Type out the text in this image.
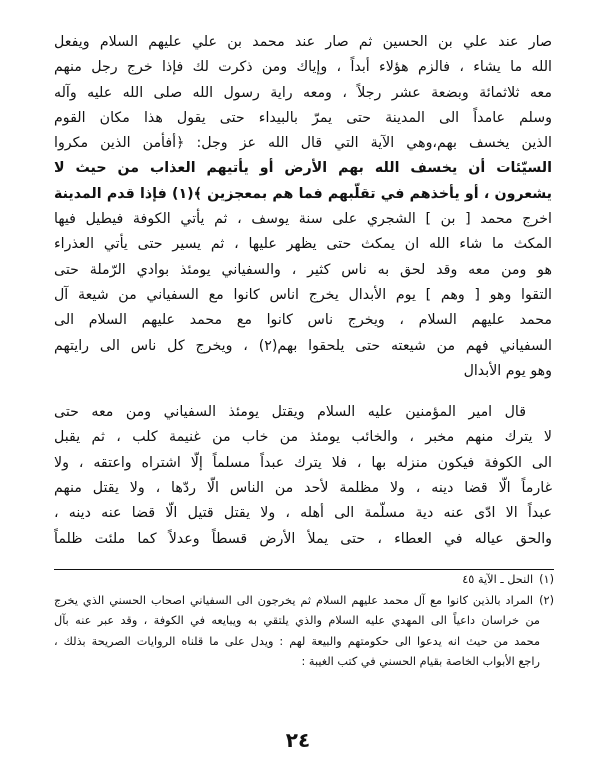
صار عند علي بن الحسين ثم صار عند محمد بن علي عليهم السلام ويفعل
الله ما يشاء ، فالزم هؤلاء أبداً ، وإياك ومن ذكرت لك فإذا خرج رجل منهم
معه ثلاثمائة وبضعة عشر رجلاً ، ومعه راية رسول الله صلى الله عليه وآله
وسلم عامداً الى المدينة حتى يمرّ بالبيداء حتى يقول هذا مكان القوم
الذين يخسف بهم،وهي الآية التي قال الله عز وجل: ﴿أفأمن الذين مكروا
السيّئات أن يخسف الله بهم الأرض أو يأتيهم العذاب من حيث لا
يشعرون ، أو يأخذهم في تقلّبهم فما هم بمعجزين ﴾(١) فإذا قدم المدينة
اخرج محمد [ بن ] الشجري على سنة يوسف ، ثم يأتي الكوفة فيطيل فيها
المكث ما شاء الله ان يمكث حتى يظهر عليها ، ثم يسير حتى يأتي العذراء
هو ومن معه وقد لحق به ناس كثير ، والسفياني يومئذ بوادي الرّملة حتى
التقوا وهو [ وهم ] يوم الأبدال يخرج اناس كانوا مع السفياني من شيعة آل
محمد عليهم السلام ، ويخرج ناس كانوا مع محمد عليهم السلام الى
السفياني فهم من شيعته حتى يلحقوا بهم(٢) ، ويخرج كل ناس الى رايتهم
وهو يوم الأبدال
قال امير المؤمنين عليه السلام ويقتل يومئذ السفياني ومن معه حتى
لا يترك منهم مخبر ، والخائب يومئذ من خاب من غنيمة كلب ، ثم يقبل
الى الكوفة فيكون منزله بها ، فلا يترك عبداً مسلماً إلّا اشتراه واعتقه ، ولا
غارماً الّا قضا دينه ، ولا مظلمة لأحد من الناس الّا ردّها ، ولا يقتل منهم
عبداً الا ادّى عنه دية مسلّمة الى أهله ، ولا يقتل قتيل الّا قضا عنه دينه ،
والحق عياله في العطاء ، حتى يملأ الأرض قسطاً وعدلاً كما ملئت ظلماً
(١)النحل ـ الآية ٤٥
(٢)المراد بالذين كانوا مع آل محمد عليهم السلام ثم يخرجون الى السفياني اصحاب الحسني الذي يخرج
من خراسان داعياً الى المهدي عليه السلام والذي يلتقي به ويبايعه في الكوفة ، وقد عبر عنه بآل
محمد من حيث انه يدعوا الى حكومتهم والبيعة لهم : ويدل على ما قلناه الروايات الصريحة بذلك ،
راجع الأبواب الخاصة بقيام الحسني في كتب الغيبة :
٢٤
